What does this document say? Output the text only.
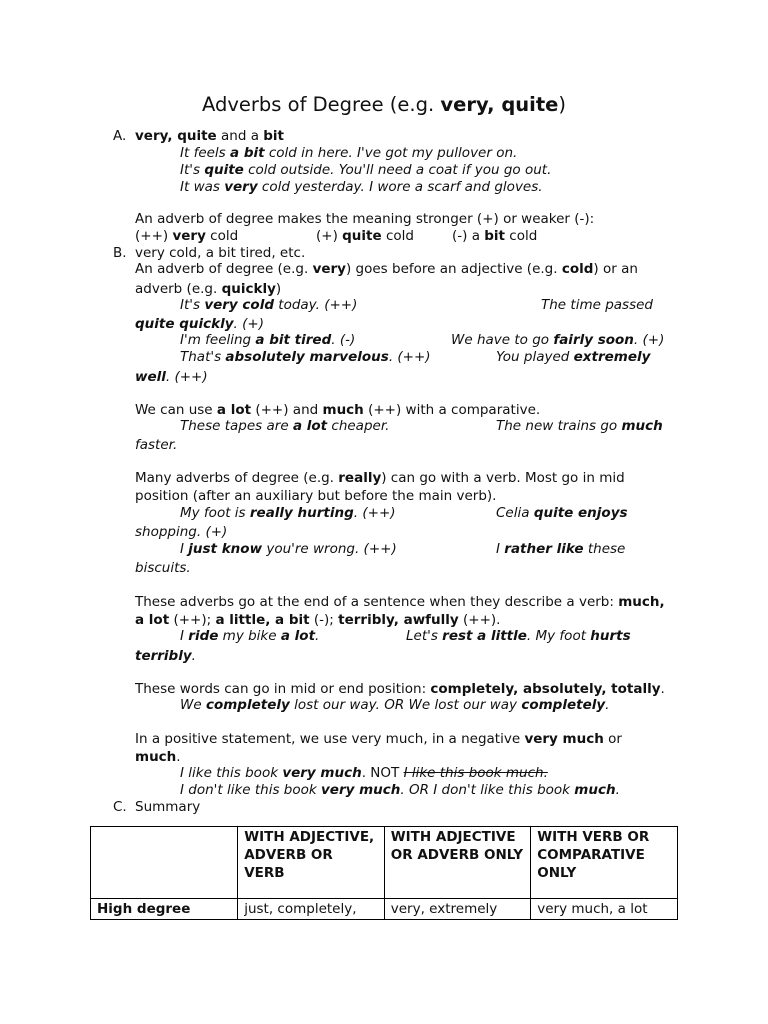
Adverbs of Degree (e.g. very, quite)
A. very, quite and a bit
It feels a bit cold in here. I've got my pullover on.
It's quite cold outside. You'll need a coat if you go out.
It was very cold yesterday. I wore a scarf and gloves.
An adverb of degree makes the meaning stronger (+) or weaker (-):
(++) very cold	(+) quite cold	(-) a bit cold
B. very cold, a bit tired, etc.
An adverb of degree (e.g. very) goes before an adjective (e.g. cold) or an
adverb (e.g. quickly)
It's very cold today. (++)	The time passed
quite quickly. (+)
I'm feeling a bit tired. (-)	We have to go fairly soon. (+)
That's absolutely marvelous. (++)	You played extremely
well. (++)
We can use a lot (++) and much (++) with a comparative.
These tapes are a lot cheaper.	The new trains go much
faster.
Many adverbs of degree (e.g. really) can go with a verb. Most go in mid
position (after an auxiliary but before the main verb).
My foot is really hurting. (++)	Celia quite enjoys
shopping. (+)
I just know you're wrong. (++)	I rather like these
biscuits.
These adverbs go at the end of a sentence when they describe a verb: much,
a lot (++); a little, a bit (-); terribly, awfully (++).
I ride my bike a lot.	Let's rest a little. My foot hurts
terribly.
These words can go in mid or end position: completely, absolutely, totally.
We completely lost our way. OR We lost our way completely.
In a positive statement, we use very much, in a negative very much or
much.
I like this book very much. NOT I like this book much.
I don't like this book very much. OR I don't like this book much.
C. Summary
	WITH ADJECTIVE, ADVERB OR VERB	WITH ADJECTIVE OR ADVERB ONLY	WITH VERB OR COMPARATIVE ONLY
High degree	just, completely,	very, extremely	very much, a lot
